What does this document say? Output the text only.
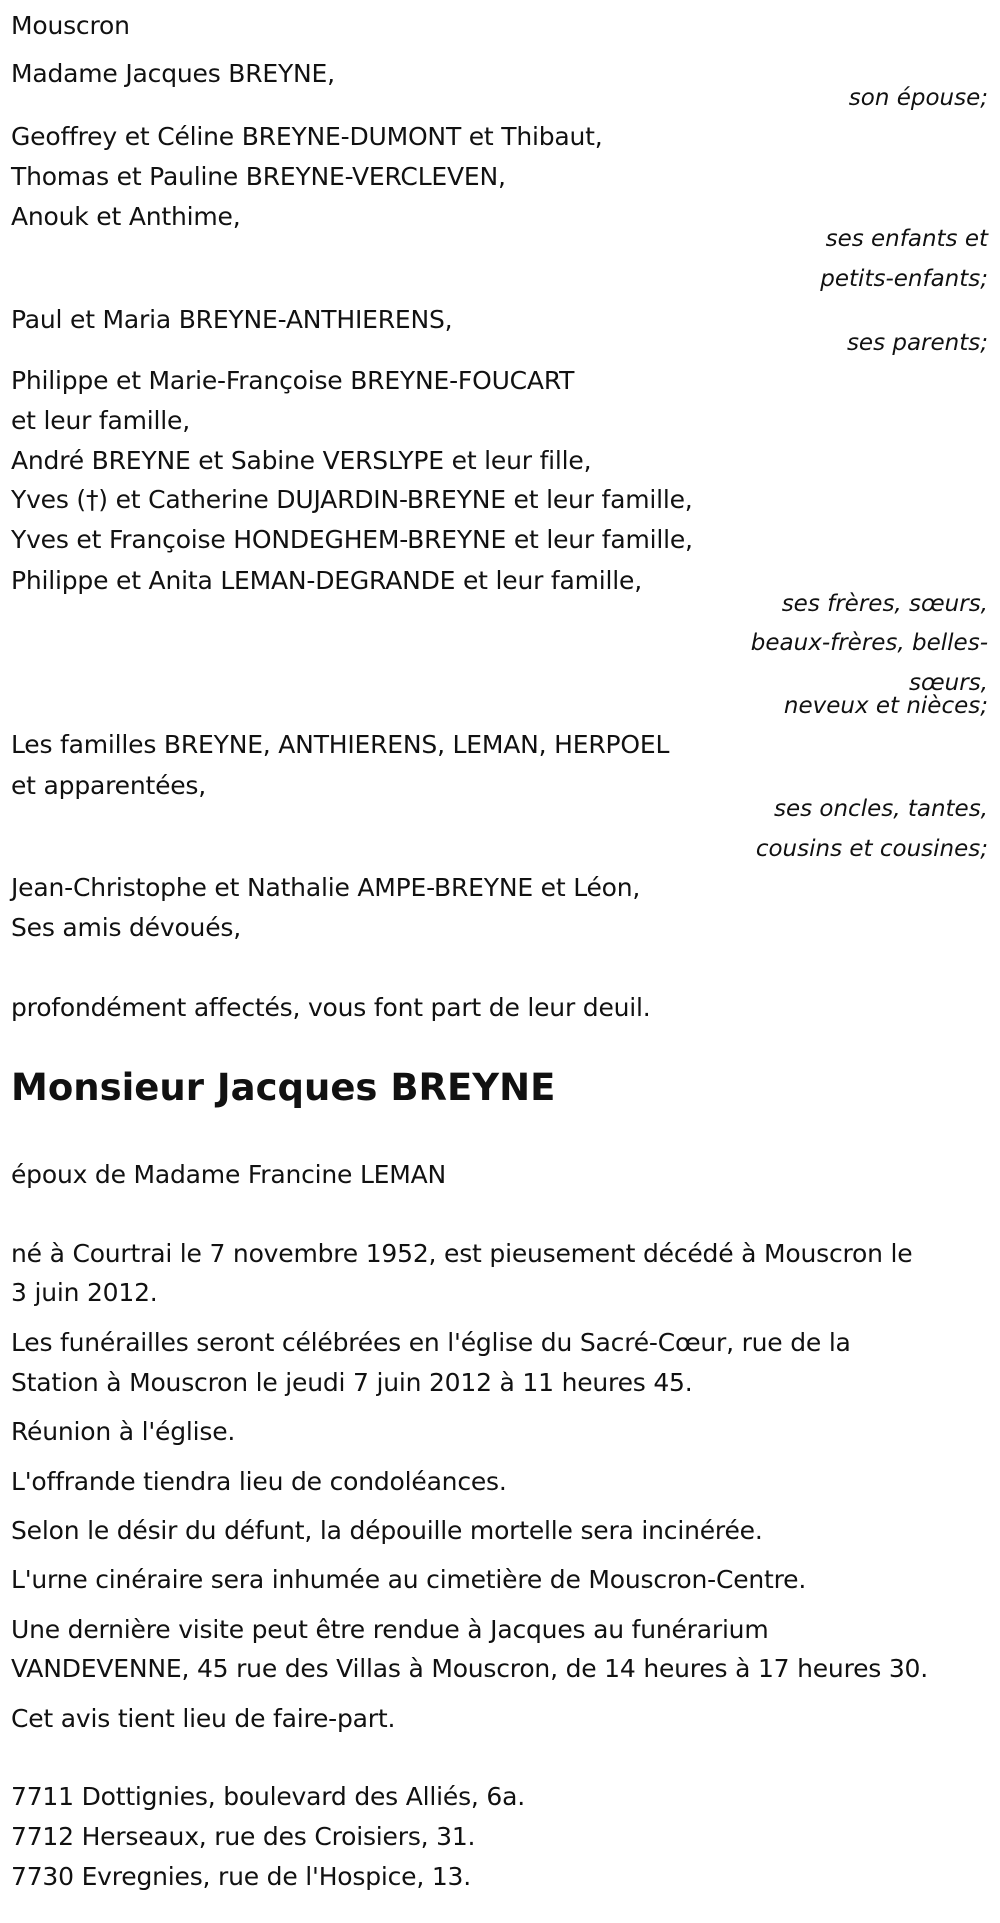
Mouscron
Madame Jacques BREYNE,
son épouse;
Geoffrey et Céline BREYNE-DUMONT et Thibaut,
Thomas et Pauline BREYNE-VERCLEVEN,
Anouk et Anthime,
ses enfants et
petits-enfants;
Paul et Maria BREYNE-ANTHIERENS,
ses parents;
Philippe et Marie-Françoise BREYNE-FOUCART
et leur famille,
André BREYNE et Sabine VERSLYPE et leur fille,
Yves (†) et Catherine DUJARDIN-BREYNE et leur famille,
Yves et Françoise HONDEGHEM-BREYNE et leur famille,
Philippe et Anita LEMAN-DEGRANDE et leur famille,
ses frères, sœurs,
beaux-frères, belles-
sœurs,
neveux et nièces;
Les familles BREYNE, ANTHIERENS, LEMAN, HERPOEL
et apparentées,
ses oncles, tantes,
cousins et cousines;
Jean-Christophe et Nathalie AMPE-BREYNE et Léon,
Ses amis dévoués,
profondément affectés, vous font part de leur deuil.
Monsieur Jacques BREYNE
époux de Madame Francine LEMAN
né à Courtrai le 7 novembre 1952, est pieusement décédé à Mouscron le
3 juin 2012.
Les funérailles seront célébrées en l'église du Sacré-Cœur, rue de la
Station à Mouscron le jeudi 7 juin 2012 à 11 heures 45.
Réunion à l'église.
L'offrande tiendra lieu de condoléances.
Selon le désir du défunt, la dépouille mortelle sera incinérée.
L'urne cinéraire sera inhumée au cimetière de Mouscron-Centre.
Une dernière visite peut être rendue à Jacques au funérarium
VANDEVENNE, 45 rue des Villas à Mouscron, de 14 heures à 17 heures 30.
Cet avis tient lieu de faire-part.
7711 Dottignies, boulevard des Alliés, 6a.
7712 Herseaux, rue des Croisiers, 31.
7730 Evregnies, rue de l'Hospice, 13.
